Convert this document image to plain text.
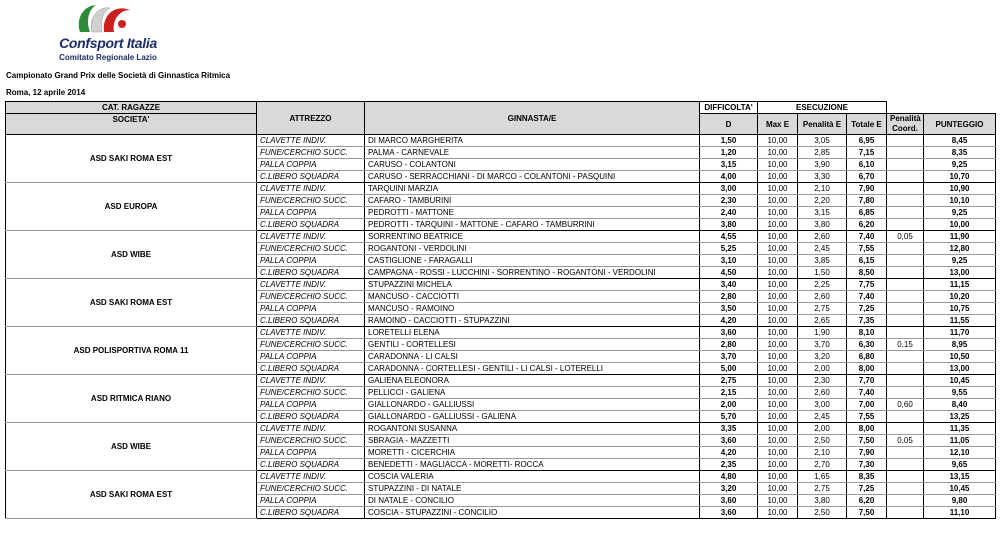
Confsport Italia
Comitato Regionale Lazio
Campionato Grand Prix delle Società di Ginnastica Ritmica
Roma, 12 aprile 2014
CAT. RAGAZZE	ATTREZZO	GINNASTA/E	DIFFICOLTA'	ESECUZIONE				
SOCIETA'			D	Max E	Penalità E	Totale E	Penalità Coord.	PUNTEGGIO

ASD SAKI ROMA EST	CLAVETTE INDIV.	DI MARCO MARGHERITA	1,50	10,00	3,05	6,95		8,45
	FUNE/CERCHIO SUCC.	PALMA - CARNEVALE	1,20	10,00	2,85	7,15		8,35
	PALLA COPPIA	CARUSO - COLANTONI	3,15	10,00	3,90	6,10		9,25
	C.LIBERO SQUADRA	CARUSO - SERRACCHIANI - DI MARCO - COLANTONI - PASQUINI	4,00	10,00	3,30	6,70		10,70
ASD EUROPA	CLAVETTE INDIV.	TARQUINI MARZIA	3,00	10,00	2,10	7,90		10,90
	FUNE/CERCHIO SUCC.	CAFARO - TAMBURINI	2,30	10,00	2,20	7,80		10,10
	PALLA COPPIA	PEDROTTI - MATTONE	2,40	10,00	3,15	6,85		9,25
	C.LIBERO SQUADRA	PEDROTTI - TARQUINI - MATTONE - CAFARO - TAMBURRINI	3,80	10,00	3,80	6,20		10,00
ASD WIBE	CLAVETTE INDIV.	SORRENTINO BEATRICE	4,55	10,00	2,60	7,40	0,05	11,90
	FUNE/CERCHIO SUCC.	ROGANTONI - VERDOLINI	5,25	10,00	2,45	7,55		12,80
	PALLA COPPIA	CASTIGLIONE - FARAGALLI	3,10	10,00	3,85	6,15		9,25
	C.LIBERO SQUADRA	CAMPAGNA - ROSSI - LUCCHINI - SORRENTINO - ROGANTONI - VERDOLINI	4,50	10,00	1,50	8,50		13,00
ASD SAKI ROMA EST	CLAVETTE INDIV.	STUPAZZINI MICHELA	3,40	10,00	2,25	7,75		11,15
	FUNE/CERCHIO SUCC.	MANCUSO - CACCIOTTI	2,80	10,00	2,60	7,40		10,20
	PALLA COPPIA	MANCUSO - RAMOINO	3,50	10,00	2,75	7,25		10,75
	C.LIBERO SQUADRA	RAMOINO - CACCIOTTI - STUPAZZINI	4,20	10,00	2,65	7,35		11,55
ASD POLISPORTIVA ROMA 11	CLAVETTE INDIV.	LORETELLI ELENA	3,60	10,00	1,90	8,10		11,70
	FUNE/CERCHIO SUCC.	GENTILI - CORTELLESI	2,80	10,00	3,70	6,30	0,15	8,95
	PALLA COPPIA	CARADONNA - LI CALSI	3,70	10,00	3,20	6,80		10,50
	C.LIBERO SQUADRA	CARADONNA - CORTELLESI - GENTILI - LI CALSI - LOTERELLI	5,00	10,00	2,00	8,00		13,00
ASD RITMICA RIANO	CLAVETTE INDIV.	GALIENA ELEONORA	2,75	10,00	2,30	7,70		10,45
	FUNE/CERCHIO SUCC.	PELLICCI - GALIENA	2,15	10,00	2,60	7,40		9,55
	PALLA COPPIA	GIALLONARDO - GALLIUSSI	2,00	10,00	3,00	7,00	0,60	8,40
	C.LIBERO SQUADRA	GIALLONARDO - GALLIUSSI - GALIENA	5,70	10,00	2,45	7,55		13,25
ASD WIBE	CLAVETTE INDIV.	ROGANTONI SUSANNA	3,35	10,00	2,00	8,00		11,35
	FUNE/CERCHIO SUCC.	SBRAGIA - MAZZETTI	3,60	10,00	2,50	7,50	0,05	11,05
	PALLA COPPIA	MORETTI - CICERCHIA	4,20	10,00	2,10	7,90		12,10
	C.LIBERO SQUADRA	BENEDETTI - MAGLIACCA - MORETTI- ROCCA	2,35	10,00	2,70	7,30		9,65
ASD SAKI ROMA EST	CLAVETTE INDIV.	COSCIA VALERIA	4,80	10,00	1,65	8,35		13,15
	FUNE/CERCHIO SUCC.	STUPAZZINI - DI NATALE	3,20	10,00	2,75	7,25		10,45
	PALLA COPPIA	DI NATALE - CONCILIO	3,60	10,00	3,80	6,20		9,80
	C.LIBERO SQUADRA	COSCIA - STUPAZZINI - CONCILIO	3,60	10,00	2,50	7,50		11,10
